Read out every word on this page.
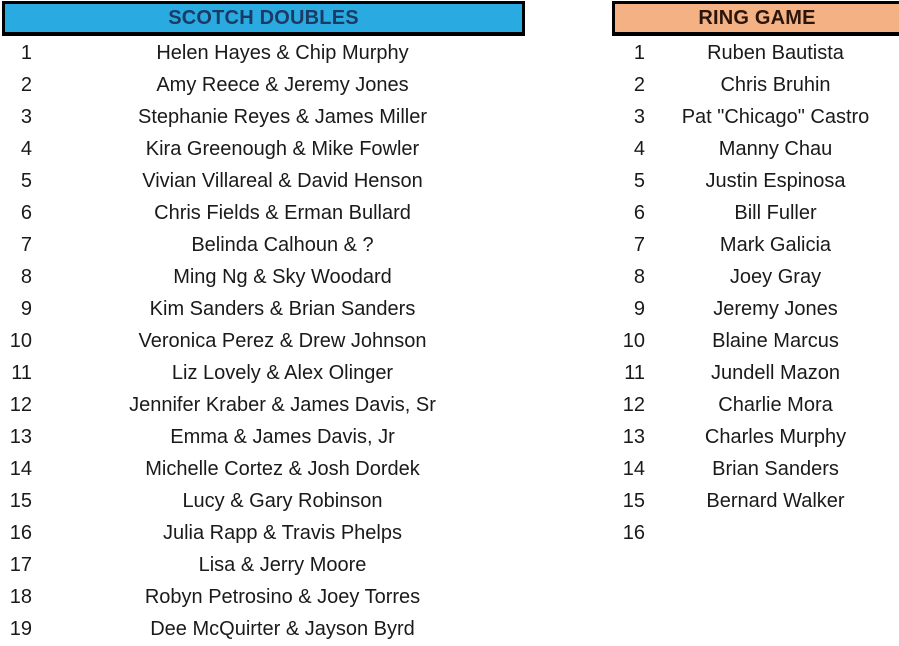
SCOTCH DOUBLES
1	Helen Hayes & Chip Murphy
2	Amy Reece & Jeremy Jones
3	Stephanie Reyes & James Miller
4	Kira Greenough & Mike Fowler
5	Vivian Villareal & David Henson
6	Chris Fields & Erman Bullard
7	Belinda Calhoun & ?
8	Ming Ng & Sky Woodard
9	Kim Sanders & Brian Sanders
10	Veronica Perez & Drew Johnson
11	Liz Lovely & Alex Olinger
12	Jennifer Kraber & James Davis, Sr
13	Emma & James Davis, Jr
14	Michelle Cortez & Josh Dordek
15	Lucy & Gary Robinson
16	Julia Rapp & Travis Phelps
17	Lisa & Jerry Moore
18	Robyn Petrosino & Joey Torres
19	Dee McQuirter & Jayson Byrd
RING GAME
1	Ruben Bautista
2	Chris Bruhin
3	Pat "Chicago" Castro
4	Manny Chau
5	Justin Espinosa
6	Bill Fuller
7	Mark Galicia
8	Joey Gray
9	Jeremy Jones
10	Blaine Marcus
11	Jundell Mazon
12	Charlie Mora
13	Charles Murphy
14	Brian Sanders
15	Bernard Walker
16
